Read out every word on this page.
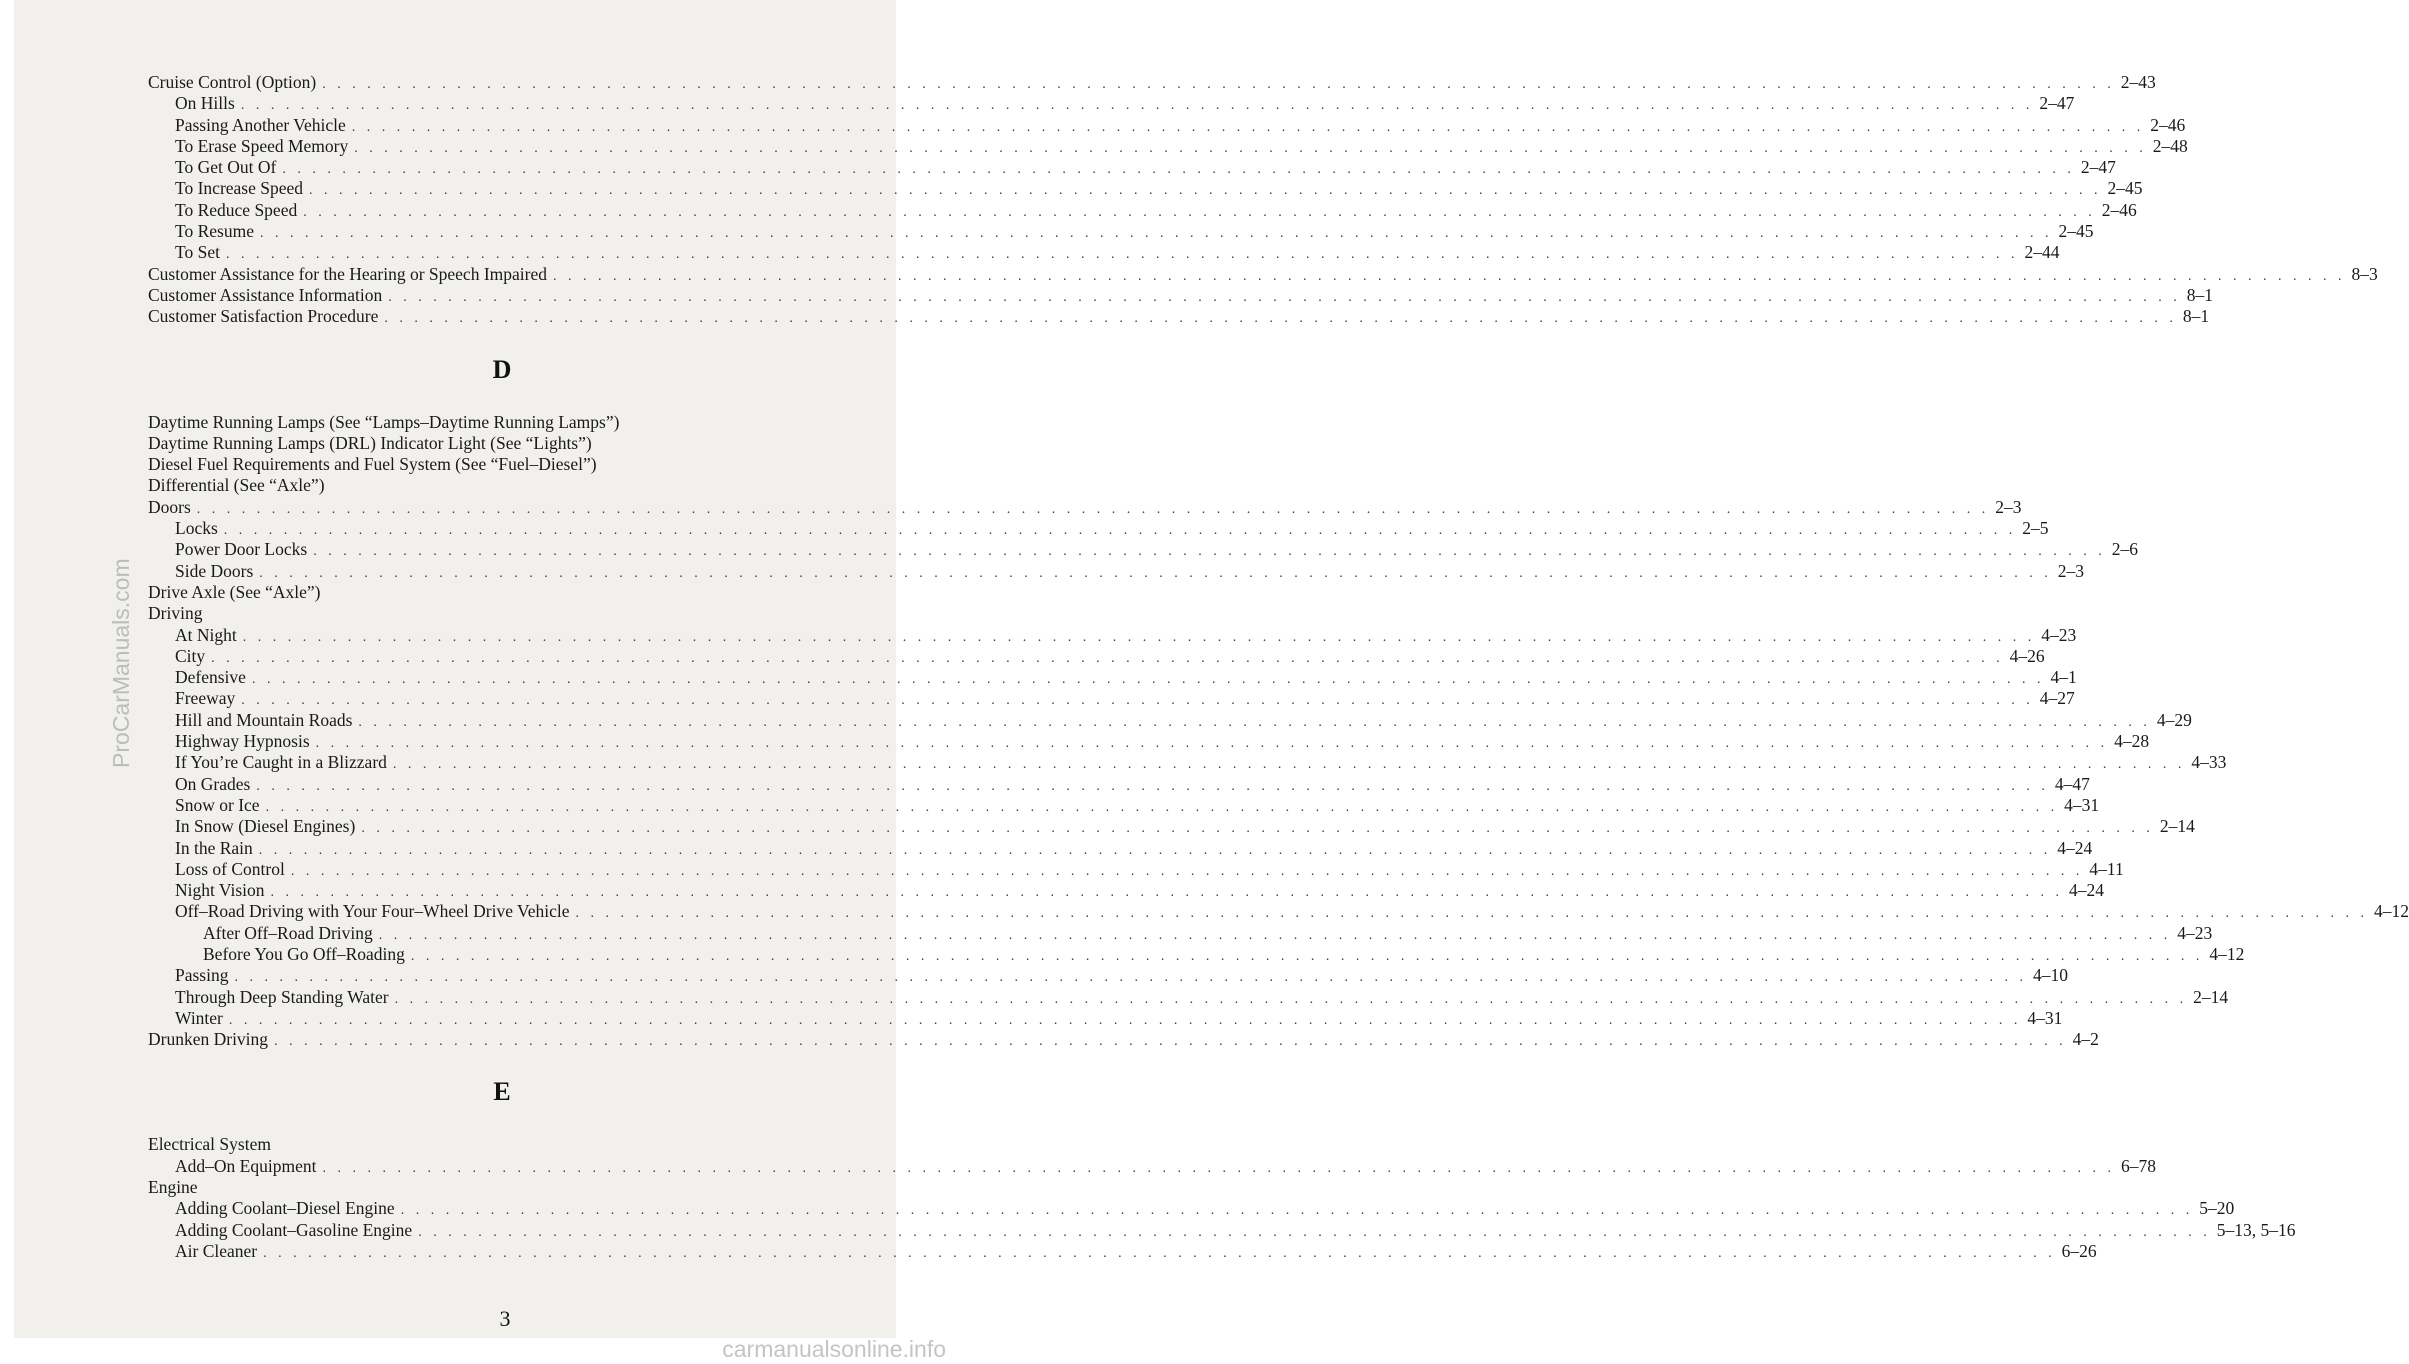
ProCarManuals.com
Cruise Control (Option) . . . . . . . . . . . . . . . . . . . . . . . . . . . . . . . . . . . . . . . . . . . . . . . . . . . . . . . . . . . . . . . . . . . . . . . . . . . . . . . . . . . . . . . . . . . . . . . . . . . . . . . . . . . . . . . . . . . . . . . . 2–43
On Hills . . . . . . . . . . . . . . . . . . . . . . . . . . . . . . . . . . . . . . . . . . . . . . . . . . . . . . . . . . . . . . . . . . . . . . . . . . . . . . . . . . . . . . . . . . . . . . . . . . . . . . . . . . . . . . . . . . . . . . . . 2–47
Passing Another Vehicle . . . . . . . . . . . . . . . . . . . . . . . . . . . . . . . . . . . . . . . . . . . . . . . . . . . . . . . . . . . . . . . . . . . . . . . . . . . . . . . . . . . . . . . . . . . . . . . . . . . . . . . . . . . . . . . . . . . . . . . . 2–46
To Erase Speed Memory . . . . . . . . . . . . . . . . . . . . . . . . . . . . . . . . . . . . . . . . . . . . . . . . . . . . . . . . . . . . . . . . . . . . . . . . . . . . . . . . . . . . . . . . . . . . . . . . . . . . . . . . . . . . . . . . . . . . . . . . 2–48
To Get Out Of . . . . . . . . . . . . . . . . . . . . . . . . . . . . . . . . . . . . . . . . . . . . . . . . . . . . . . . . . . . . . . . . . . . . . . . . . . . . . . . . . . . . . . . . . . . . . . . . . . . . . . . . . . . . . . . . . . . . . . . . 2–47
To Increase Speed . . . . . . . . . . . . . . . . . . . . . . . . . . . . . . . . . . . . . . . . . . . . . . . . . . . . . . . . . . . . . . . . . . . . . . . . . . . . . . . . . . . . . . . . . . . . . . . . . . . . . . . . . . . . . . . . . . . . . . . . 2–45
To Reduce Speed . . . . . . . . . . . . . . . . . . . . . . . . . . . . . . . . . . . . . . . . . . . . . . . . . . . . . . . . . . . . . . . . . . . . . . . . . . . . . . . . . . . . . . . . . . . . . . . . . . . . . . . . . . . . . . . . . . . . . . . . 2–46
To Resume . . . . . . . . . . . . . . . . . . . . . . . . . . . . . . . . . . . . . . . . . . . . . . . . . . . . . . . . . . . . . . . . . . . . . . . . . . . . . . . . . . . . . . . . . . . . . . . . . . . . . . . . . . . . . . . . . . . . . . . . 2–45
To Set . . . . . . . . . . . . . . . . . . . . . . . . . . . . . . . . . . . . . . . . . . . . . . . . . . . . . . . . . . . . . . . . . . . . . . . . . . . . . . . . . . . . . . . . . . . . . . . . . . . . . . . . . . . . . . . . . . . . . . . . 2–44
Customer Assistance for the Hearing or Speech Impaired . . . . . . . . . . . . . . . . . . . . . . . . . . . . . . . . . . . . . . . . . . . . . . . . . . . . . . . . . . . . . . . . . . . . . . . . . . . . . . . . . . . . . . . . . . . . . . . . . . . . . . . . . . . . . . . . . . . . . . . . 8–3
Customer Assistance Information . . . . . . . . . . . . . . . . . . . . . . . . . . . . . . . . . . . . . . . . . . . . . . . . . . . . . . . . . . . . . . . . . . . . . . . . . . . . . . . . . . . . . . . . . . . . . . . . . . . . . . . . . . . . . . . . . . . . . . . . 8–1
Customer Satisfaction Procedure . . . . . . . . . . . . . . . . . . . . . . . . . . . . . . . . . . . . . . . . . . . . . . . . . . . . . . . . . . . . . . . . . . . . . . . . . . . . . . . . . . . . . . . . . . . . . . . . . . . . . . . . . . . . . . . . . . . . . . . . 8–1
D
Daytime Running Lamps (See “Lamps–Daytime Running Lamps”)
Daytime Running Lamps (DRL) Indicator Light (See “Lights”)
Diesel Fuel Requirements and Fuel System (See “Fuel–Diesel”)
Differential (See “Axle”)
Doors . . . . . . . . . . . . . . . . . . . . . . . . . . . . . . . . . . . . . . . . . . . . . . . . . . . . . . . . . . . . . . . . . . . . . . . . . . . . . . . . . . . . . . . . . . . . . . . . . . . . . . . . . . . . . . . . . . . . . . . . 2–3
Locks . . . . . . . . . . . . . . . . . . . . . . . . . . . . . . . . . . . . . . . . . . . . . . . . . . . . . . . . . . . . . . . . . . . . . . . . . . . . . . . . . . . . . . . . . . . . . . . . . . . . . . . . . . . . . . . . . . . . . . . . 2–5
Power Door Locks . . . . . . . . . . . . . . . . . . . . . . . . . . . . . . . . . . . . . . . . . . . . . . . . . . . . . . . . . . . . . . . . . . . . . . . . . . . . . . . . . . . . . . . . . . . . . . . . . . . . . . . . . . . . . . . . . . . . . . . . 2–6
Side Doors . . . . . . . . . . . . . . . . . . . . . . . . . . . . . . . . . . . . . . . . . . . . . . . . . . . . . . . . . . . . . . . . . . . . . . . . . . . . . . . . . . . . . . . . . . . . . . . . . . . . . . . . . . . . . . . . . . . . . . . . 2–3
Drive Axle (See “Axle”)
Driving
At Night . . . . . . . . . . . . . . . . . . . . . . . . . . . . . . . . . . . . . . . . . . . . . . . . . . . . . . . . . . . . . . . . . . . . . . . . . . . . . . . . . . . . . . . . . . . . . . . . . . . . . . . . . . . . . . . . . . . . . . . . 4–23
City . . . . . . . . . . . . . . . . . . . . . . . . . . . . . . . . . . . . . . . . . . . . . . . . . . . . . . . . . . . . . . . . . . . . . . . . . . . . . . . . . . . . . . . . . . . . . . . . . . . . . . . . . . . . . . . . . . . . . . . . 4–26
Defensive . . . . . . . . . . . . . . . . . . . . . . . . . . . . . . . . . . . . . . . . . . . . . . . . . . . . . . . . . . . . . . . . . . . . . . . . . . . . . . . . . . . . . . . . . . . . . . . . . . . . . . . . . . . . . . . . . . . . . . . . 4–1
Freeway . . . . . . . . . . . . . . . . . . . . . . . . . . . . . . . . . . . . . . . . . . . . . . . . . . . . . . . . . . . . . . . . . . . . . . . . . . . . . . . . . . . . . . . . . . . . . . . . . . . . . . . . . . . . . . . . . . . . . . . . 4–27
Hill and Mountain Roads . . . . . . . . . . . . . . . . . . . . . . . . . . . . . . . . . . . . . . . . . . . . . . . . . . . . . . . . . . . . . . . . . . . . . . . . . . . . . . . . . . . . . . . . . . . . . . . . . . . . . . . . . . . . . . . . . . . . . . . . 4–29
Highway Hypnosis . . . . . . . . . . . . . . . . . . . . . . . . . . . . . . . . . . . . . . . . . . . . . . . . . . . . . . . . . . . . . . . . . . . . . . . . . . . . . . . . . . . . . . . . . . . . . . . . . . . . . . . . . . . . . . . . . . . . . . . . 4–28
If You’re Caught in a Blizzard . . . . . . . . . . . . . . . . . . . . . . . . . . . . . . . . . . . . . . . . . . . . . . . . . . . . . . . . . . . . . . . . . . . . . . . . . . . . . . . . . . . . . . . . . . . . . . . . . . . . . . . . . . . . . . . . . . . . . . . . 4–33
On Grades . . . . . . . . . . . . . . . . . . . . . . . . . . . . . . . . . . . . . . . . . . . . . . . . . . . . . . . . . . . . . . . . . . . . . . . . . . . . . . . . . . . . . . . . . . . . . . . . . . . . . . . . . . . . . . . . . . . . . . . . 4–47
Snow or Ice . . . . . . . . . . . . . . . . . . . . . . . . . . . . . . . . . . . . . . . . . . . . . . . . . . . . . . . . . . . . . . . . . . . . . . . . . . . . . . . . . . . . . . . . . . . . . . . . . . . . . . . . . . . . . . . . . . . . . . . . 4–31
In Snow (Diesel Engines) . . . . . . . . . . . . . . . . . . . . . . . . . . . . . . . . . . . . . . . . . . . . . . . . . . . . . . . . . . . . . . . . . . . . . . . . . . . . . . . . . . . . . . . . . . . . . . . . . . . . . . . . . . . . . . . . . . . . . . . . 2–14
In the Rain . . . . . . . . . . . . . . . . . . . . . . . . . . . . . . . . . . . . . . . . . . . . . . . . . . . . . . . . . . . . . . . . . . . . . . . . . . . . . . . . . . . . . . . . . . . . . . . . . . . . . . . . . . . . . . . . . . . . . . . . 4–24
Loss of Control . . . . . . . . . . . . . . . . . . . . . . . . . . . . . . . . . . . . . . . . . . . . . . . . . . . . . . . . . . . . . . . . . . . . . . . . . . . . . . . . . . . . . . . . . . . . . . . . . . . . . . . . . . . . . . . . . . . . . . . . 4–11
Night Vision . . . . . . . . . . . . . . . . . . . . . . . . . . . . . . . . . . . . . . . . . . . . . . . . . . . . . . . . . . . . . . . . . . . . . . . . . . . . . . . . . . . . . . . . . . . . . . . . . . . . . . . . . . . . . . . . . . . . . . . . 4–24
Off–Road Driving with Your Four–Wheel Drive Vehicle . . . . . . . . . . . . . . . . . . . . . . . . . . . . . . . . . . . . . . . . . . . . . . . . . . . . . . . . . . . . . . . . . . . . . . . . . . . . . . . . . . . . . . . . . . . . . . . . . . . . . . . . . . . . . . . . . . . . . . . . 4–12
After Off–Road Driving . . . . . . . . . . . . . . . . . . . . . . . . . . . . . . . . . . . . . . . . . . . . . . . . . . . . . . . . . . . . . . . . . . . . . . . . . . . . . . . . . . . . . . . . . . . . . . . . . . . . . . . . . . . . . . . . . . . . . . . . 4–23
Before You Go Off–Roading . . . . . . . . . . . . . . . . . . . . . . . . . . . . . . . . . . . . . . . . . . . . . . . . . . . . . . . . . . . . . . . . . . . . . . . . . . . . . . . . . . . . . . . . . . . . . . . . . . . . . . . . . . . . . . . . . . . . . . . . 4–12
Passing . . . . . . . . . . . . . . . . . . . . . . . . . . . . . . . . . . . . . . . . . . . . . . . . . . . . . . . . . . . . . . . . . . . . . . . . . . . . . . . . . . . . . . . . . . . . . . . . . . . . . . . . . . . . . . . . . . . . . . . . 4–10
Through Deep Standing Water . . . . . . . . . . . . . . . . . . . . . . . . . . . . . . . . . . . . . . . . . . . . . . . . . . . . . . . . . . . . . . . . . . . . . . . . . . . . . . . . . . . . . . . . . . . . . . . . . . . . . . . . . . . . . . . . . . . . . . . . 2–14
Winter . . . . . . . . . . . . . . . . . . . . . . . . . . . . . . . . . . . . . . . . . . . . . . . . . . . . . . . . . . . . . . . . . . . . . . . . . . . . . . . . . . . . . . . . . . . . . . . . . . . . . . . . . . . . . . . . . . . . . . . . 4–31
Drunken Driving . . . . . . . . . . . . . . . . . . . . . . . . . . . . . . . . . . . . . . . . . . . . . . . . . . . . . . . . . . . . . . . . . . . . . . . . . . . . . . . . . . . . . . . . . . . . . . . . . . . . . . . . . . . . . . . . . . . . . . . . 4–2
E
Electrical System
Add–On Equipment . . . . . . . . . . . . . . . . . . . . . . . . . . . . . . . . . . . . . . . . . . . . . . . . . . . . . . . . . . . . . . . . . . . . . . . . . . . . . . . . . . . . . . . . . . . . . . . . . . . . . . . . . . . . . . . . . . . . . . . . 6–78
Engine
Adding Coolant–Diesel Engine . . . . . . . . . . . . . . . . . . . . . . . . . . . . . . . . . . . . . . . . . . . . . . . . . . . . . . . . . . . . . . . . . . . . . . . . . . . . . . . . . . . . . . . . . . . . . . . . . . . . . . . . . . . . . . . . . . . . . . . . 5–20
Adding Coolant–Gasoline Engine . . . . . . . . . . . . . . . . . . . . . . . . . . . . . . . . . . . . . . . . . . . . . . . . . . . . . . . . . . . . . . . . . . . . . . . . . . . . . . . . . . . . . . . . . . . . . . . . . . . . . . . . . . . . . . . . . . . . . . . . 5–13, 5–16
Air Cleaner . . . . . . . . . . . . . . . . . . . . . . . . . . . . . . . . . . . . . . . . . . . . . . . . . . . . . . . . . . . . . . . . . . . . . . . . . . . . . . . . . . . . . . . . . . . . . . . . . . . . . . . . . . . . . . . . . . . . . . . . 6–26
3
carmanualsonline.info
